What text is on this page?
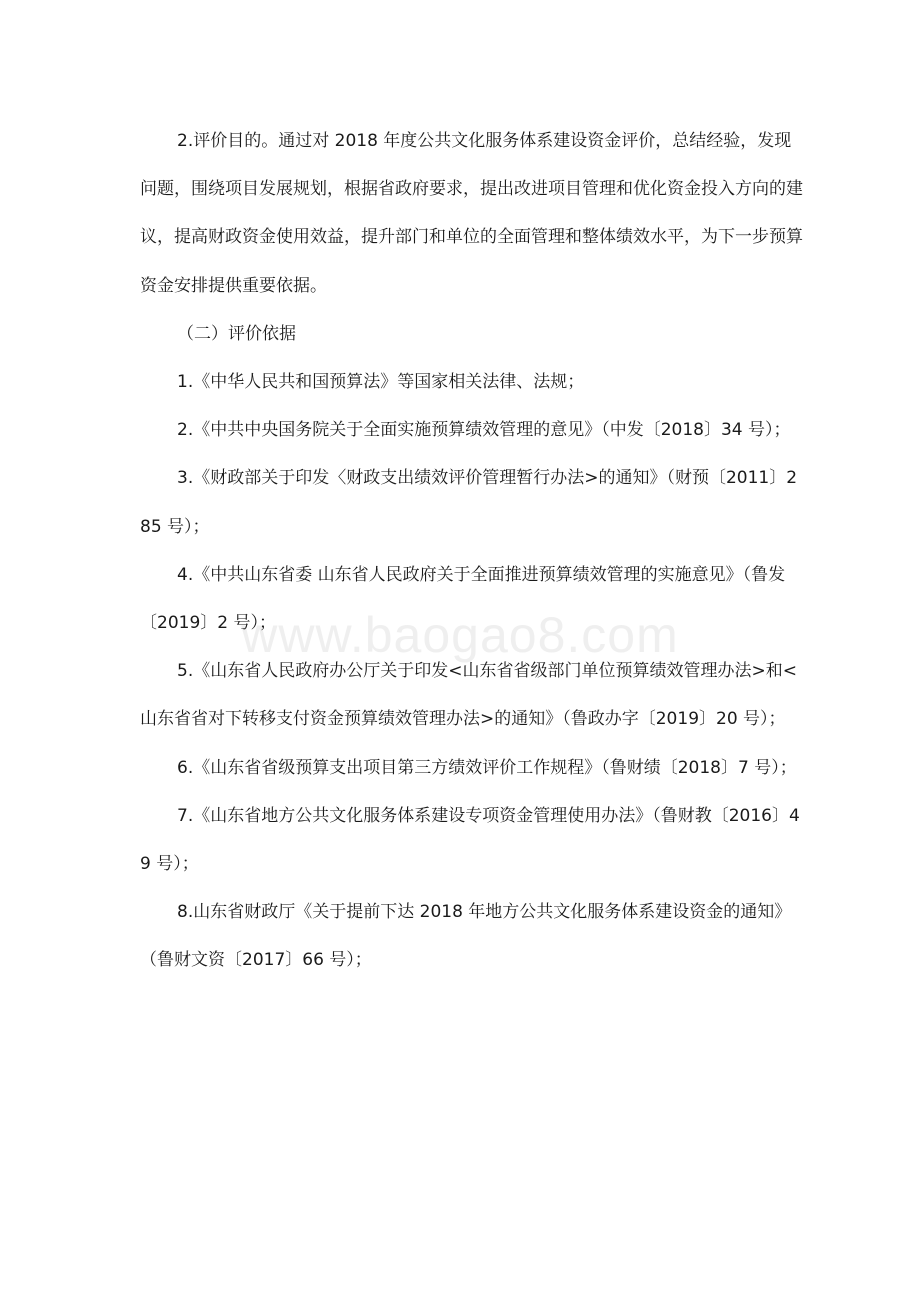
2.评价目的。通过对 2018 年度公共文化服务体系建设资金评价，总结经验，发现问题，围绕项目发展规划，根据省政府要求，提出改进项目管理和优化资金投入方向的建议，提高财政资金使用效益，提升部门和单位的全面管理和整体绩效水平，为下一步预算资金安排提供重要依据。

（二）评价依据

1.《中华人民共和国预算法》等国家相关法律、法规；

2.《中共中央国务院关于全面实施预算绩效管理的意见》（中发〔2018〕34 号）；

3.《财政部关于印发〈财政支出绩效评价管理暂行办法>的通知》（财预〔2011〕285 号）；

4.《中共山东省委 山东省人民政府关于全面推进预算绩效管理的实施意见》（鲁发〔2019〕2 号）；

5.《山东省人民政府办公厅关于印发<山东省省级部门单位预算绩效管理办法>和<山东省省对下转移支付资金预算绩效管理办法>的通知》（鲁政办字〔2019〕20 号）；

6.《山东省省级预算支出项目第三方绩效评价工作规程》（鲁财绩〔2018〕7 号）；

7.《山东省地方公共文化服务体系建设专项资金管理使用办法》（鲁财教〔2016〕49 号）；

8.山东省财政厅《关于提前下达 2018 年地方公共文化服务体系建设资金的通知》（鲁财文资〔2017〕66 号）；

www.baogao8.com
